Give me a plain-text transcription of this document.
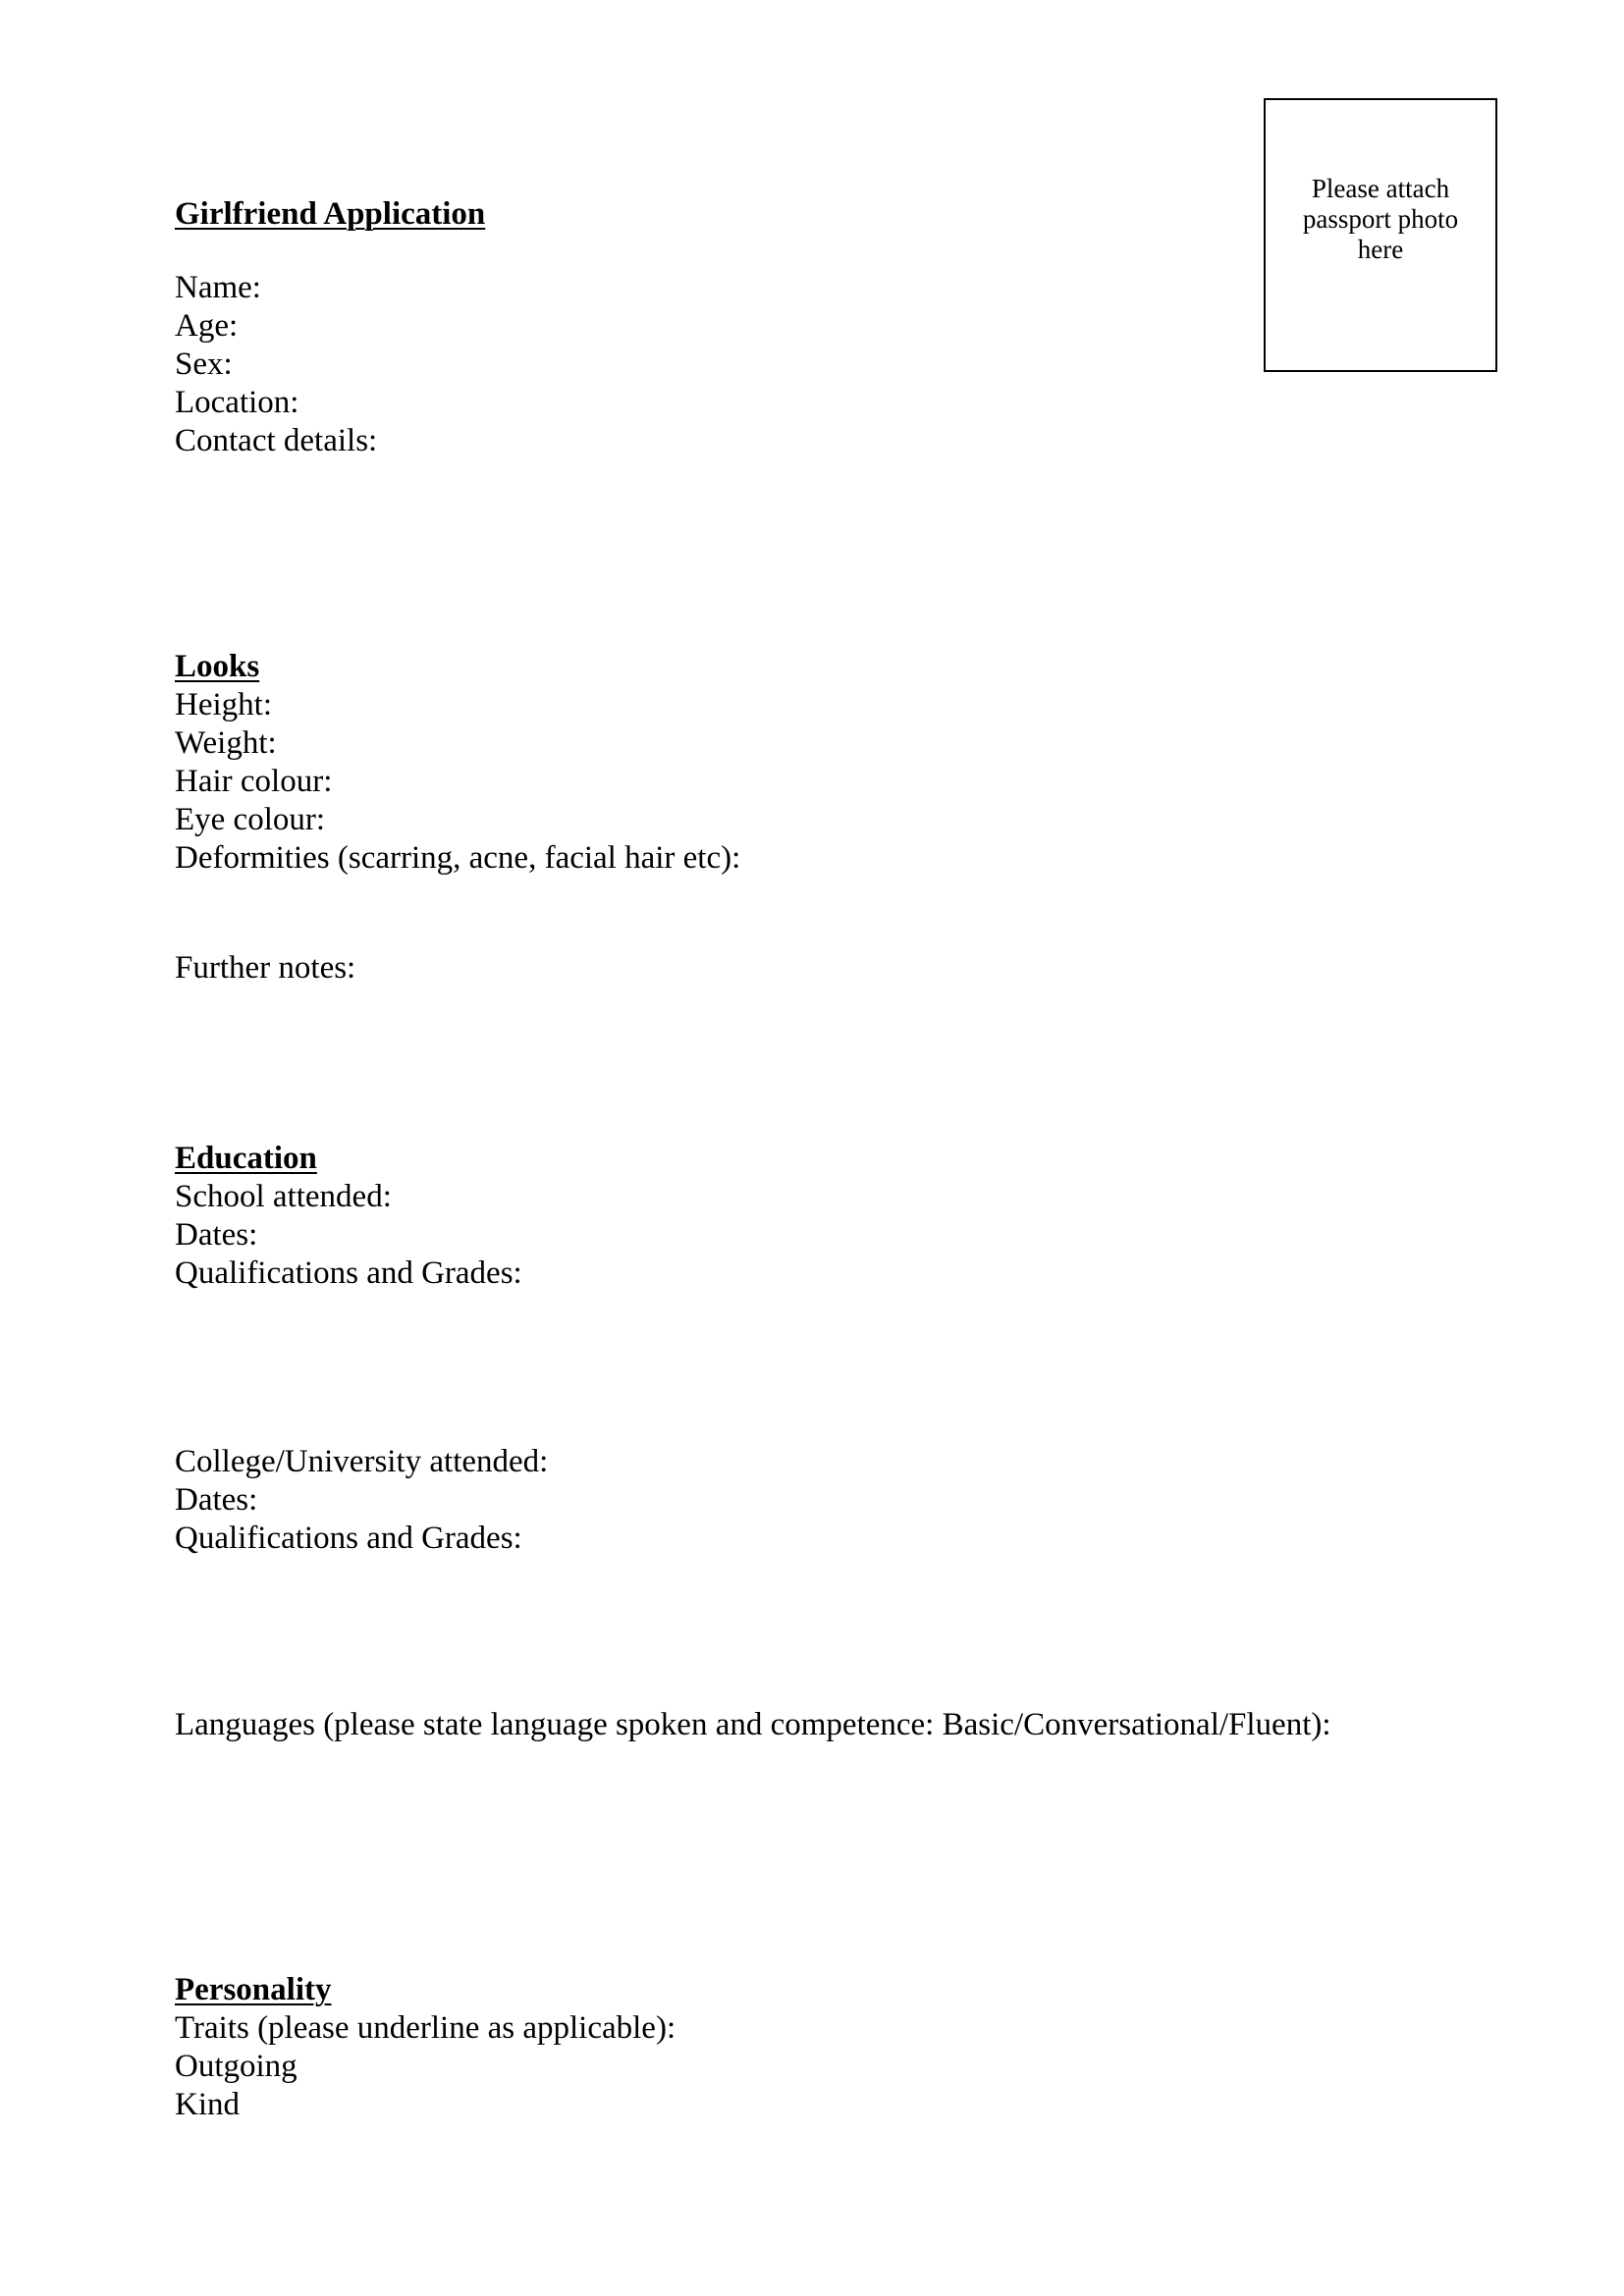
Girlfriend Application
Please attach
passport photo
here

Name:

Age:

Sex:

Location:

Contact details:

Looks

Height:

Weight:

Hair colour:

Eye colour:

Deformities (scarring, acne, facial hair etc):

Further notes:

Education

School attended:

Dates:

Qualifications and Grades:

College/University attended:

Dates:

Qualifications and Grades:

Languages (please state language spoken and competence: Basic/Conversational/Fluent):

Personality

Traits (please underline as applicable):

Outgoing

Kind
